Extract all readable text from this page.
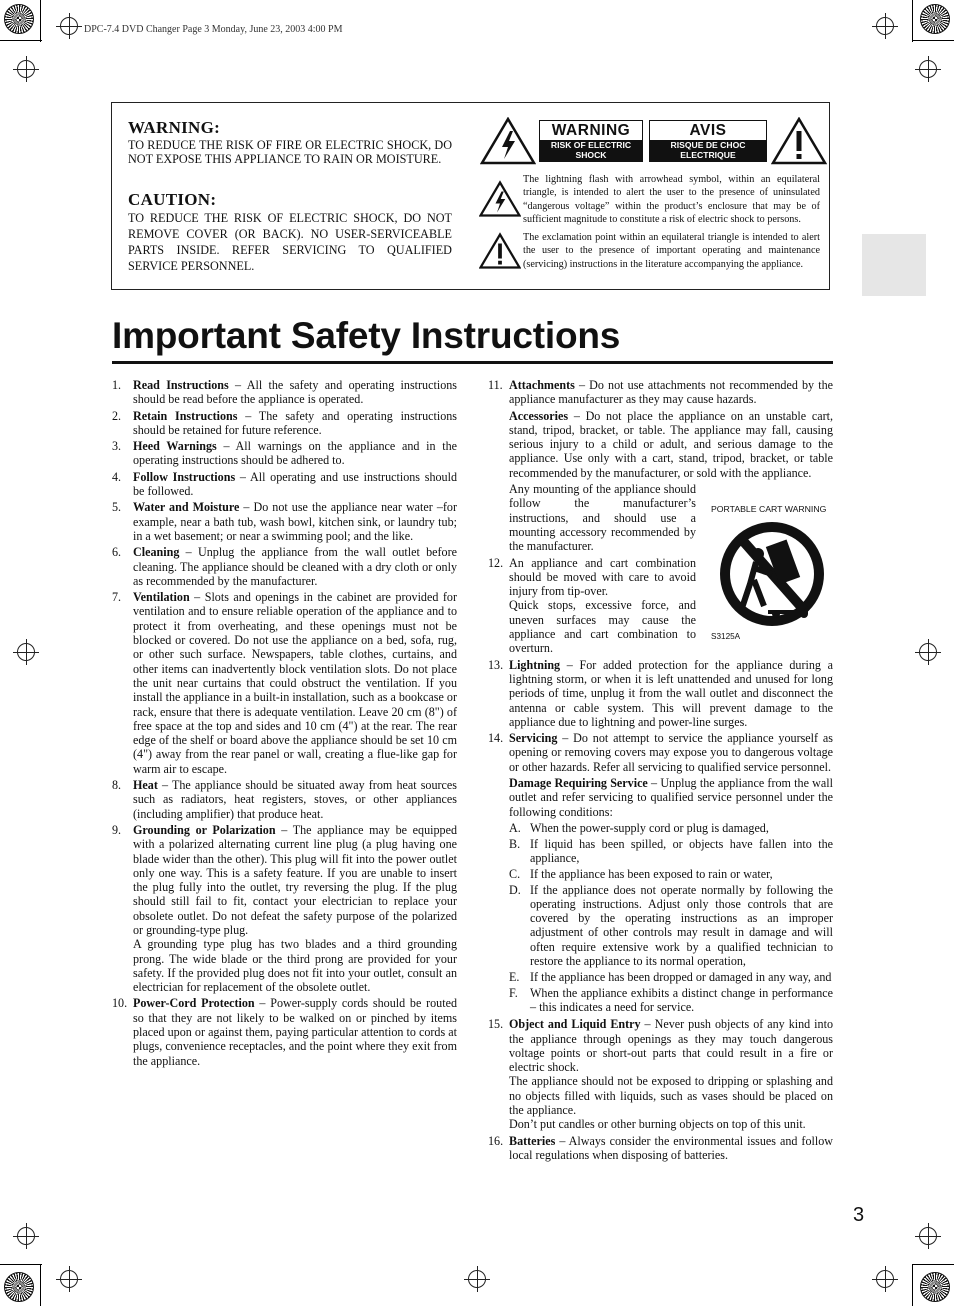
DPC-7.4 DVD Changer Page 3 Monday, June 23, 2003 4:00 PM
WARNING:
TO REDUCE THE RISK OF FIRE OR ELECTRIC SHOCK, DO NOT EXPOSE THIS APPLIANCE TO RAIN OR MOISTURE.
CAUTION:
TO REDUCE THE RISK OF ELECTRIC SHOCK, DO NOT REMOVE COVER (OR BACK). NO USER-SERVICEABLE PARTS INSIDE. REFER SERVICING TO QUALIFIED SERVICE PERSONNEL.
WARNING
RISK OF ELECTRIC SHOCK
DO NOT OPEN
AVIS
RISQUE DE CHOC ELECTRIQUE
NE PAS OUVRIR
The lightning flash with arrowhead symbol, within an equilateral triangle, is intended to alert the user to the presence of uninsulated “dangerous voltage” within the product’s enclosure that may be of sufficient magnitude to constitute a risk of electric shock to persons.
The exclamation point within an equilateral triangle is intended to alert the user to the presence of important operating and maintenance (servicing) instructions in the literature accompanying the appliance.
Important Safety Instructions
1. Read Instructions – All the safety and operating instructions should be read before the appliance is operated.
2. Retain Instructions – The safety and operating instructions should be retained for future reference.
3. Heed Warnings – All warnings on the appliance and in the operating instructions should be adhered to.
4. Follow Instructions – All operating and use instructions should be followed.
5. Water and Moisture – Do not use the appliance near water –for example, near a bath tub, wash bowl, kitchen sink, or laundry tub; in a wet basement; or near a swimming pool; and the like.
6. Cleaning – Unplug the appliance from the wall outlet before cleaning. The appliance should be cleaned with a dry cloth or only as recommended by the manufacturer.
7. Ventilation – Slots and openings in the cabinet are provided for ventilation and to ensure reliable operation of the appliance and to protect it from overheating, and these openings must not be blocked or covered. Do not use the appliance on a bed, sofa, rug, or other such surface. Newspapers, table clothes, curtains, and other items can inadvertently block ventilation slots. Do not place the unit near curtains that could obstruct the ventilation. If you install the appliance in a built-in installation, such as a bookcase or rack, ensure that there is adequate ventilation. Leave 20 cm (8") of free space at the top and sides and 10 cm (4") at the rear. The rear edge of the shelf or board above the appliance should be set 10 cm (4") away from the rear panel or wall, creating a flue-like gap for warm air to escape.
8. Heat – The appliance should be situated away from heat sources such as radiators, heat registers, stoves, or other appliances (including amplifier) that produce heat.
9. Grounding or Polarization – The appliance may be equipped with a polarized alternating current line plug (a plug having one blade wider than the other). This plug will fit into the power outlet only one way. This is a safety feature. If you are unable to insert the plug fully into the outlet, try reversing the plug. If the plug should still fail to fit, contact your electrician to replace your obsolete outlet. Do not defeat the safety purpose of the polarized or grounding-type plug.
A grounding type plug has two blades and a third grounding prong. The wide blade or the third prong are provided for your safety. If the provided plug does not fit into your outlet, consult an electrician for replacement of the obsolete outlet.
10. Power-Cord Protection – Power-supply cords should be routed so that they are not likely to be walked on or pinched by items placed upon or against them, paying particular attention to cords at plugs, convenience receptacles, and the point where they exit from the appliance.
11. Attachments – Do not use attachments not recommended by the appliance manufacturer as they may cause hazards.
Accessories – Do not place the appliance on an unstable cart, stand, tripod, bracket, or table. The appliance may fall, causing serious injury to a child or adult, and serious damage to the appliance. Use only with a cart, stand, tripod, bracket, or table recommended by the manufacturer, or sold with the appliance.
Any mounting of the appliance should follow the manufacturer’s instructions, and should use a mounting accessory recommended by the manufacturer.
12. An appliance and cart combination should be moved with care to avoid injury from tip-over.
Quick stops, excessive force, and uneven surfaces may cause the appliance and cart combination to overturn.
13. Lightning – For added protection for the appliance during a lightning storm, or when it is left unattended and unused for long periods of time, unplug it from the wall outlet and disconnect the antenna or cable system. This will prevent damage to the appliance due to lightning and power-line surges.
14. Servicing – Do not attempt to service the appliance yourself as opening or removing covers may expose you to dangerous voltage or other hazards. Refer all servicing to qualified service personnel.
Damage Requiring Service – Unplug the appliance from the wall outlet and refer servicing to qualified service personnel under the following conditions:
A. When the power-supply cord or plug is damaged,
B. If liquid has been spilled, or objects have fallen into the appliance,
C. If the appliance has been exposed to rain or water,
D. If the appliance does not operate normally by following the operating instructions. Adjust only those controls that are covered by the operating instructions as an improper adjustment of other controls may result in damage and will often require extensive work by a qualified technician to restore the appliance to its normal operation,
E. If the appliance has been dropped or damaged in any way, and
F. When the appliance exhibits a distinct change in performance – this indicates a need for service.
15. Object and Liquid Entry – Never push objects of any kind into the appliance through openings as they may touch dangerous voltage points or short-out parts that could result in a fire or electric shock.
The appliance should not be exposed to dripping or splashing and no objects filled with liquids, such as vases should be placed on the appliance.
Don’t put candles or other burning objects on top of this unit.
16. Batteries – Always consider the environmental issues and follow local regulations when disposing of batteries.
PORTABLE CART WARNING
S3125A
3
